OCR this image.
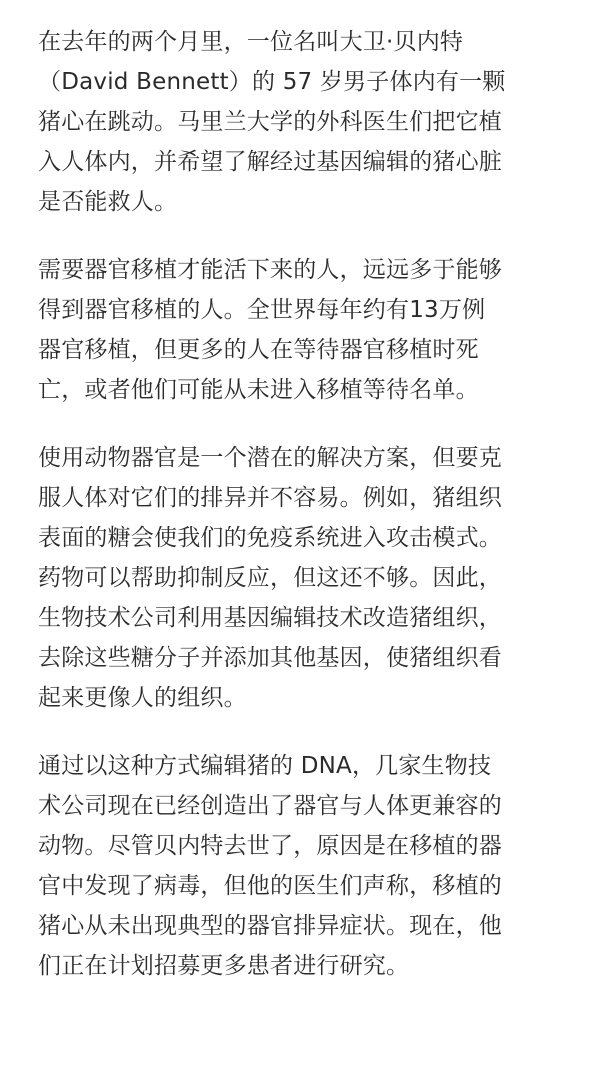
在去年的两个月里，一位名叫大卫·贝内特
（David Bennett）的 57 岁男子体内有一颗
猪心在跳动。马里兰大学的外科医生们把它植
入人体内，并希望了解经过基因编辑的猪心脏
是否能救人。

需要器官移植才能活下来的人，远远多于能够
得到器官移植的人。全世界每年约有13万例
器官移植，但更多的人在等待器官移植时死
亡，或者他们可能从未进入移植等待名单。

使用动物器官是一个潜在的解决方案，但要克
服人体对它们的排异并不容易。例如，猪组织
表面的糖会使我们的免疫系统进入攻击模式。
药物可以帮助抑制反应，但这还不够。因此，
生物技术公司利用基因编辑技术改造猪组织，
去除这些糖分子并添加其他基因，使猪组织看
起来更像人的组织。

通过以这种方式编辑猪的 DNA，几家生物技
术公司现在已经创造出了器官与人体更兼容的
动物。尽管贝内特去世了，原因是在移植的器
官中发现了病毒，但他的医生们声称，移植的
猪心从未出现典型的器官排异症状。现在，他
们正在计划招募更多患者进行研究。
